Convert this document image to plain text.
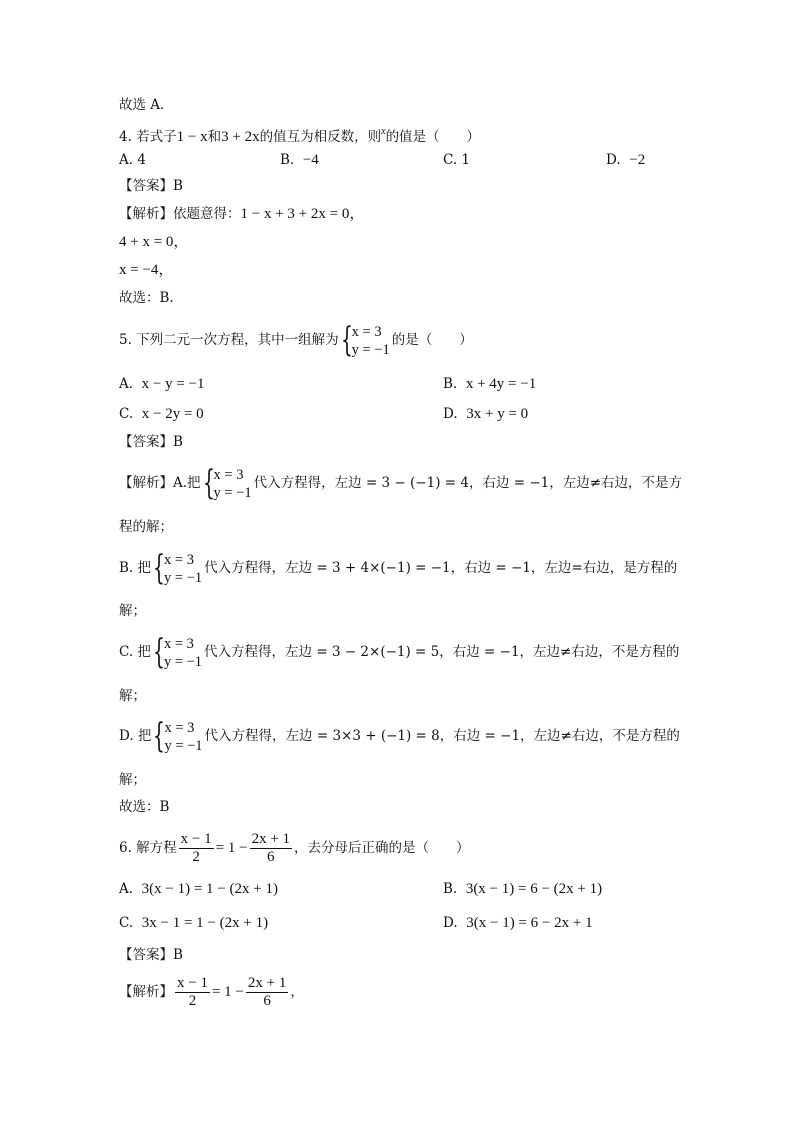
故选 A．
4. 若式子1 − x和3 + 2x的值互为相反数，则$^x$的值是（　　）
A. 4	B. −4	C. 1	D. −2
【答案】B
【解析】依题意得：1 − x + 3 + 2x = 0，
4 + x = 0，
x = −4，
故选：B.
5. 下列二元一次方程，其中一组解为 { x = 3
y = −1
的是（　　）
A. x − y = −1	B. x + 4y = −1
C. x − 2y = 0	D. 3x + y = 0
【答案】B
【解析】A.把 { x = 3
y = −1
代入方程得，左边 = 3 − (−1) = 4，右边 = −1，左边≠右边，不是方
程的解；
B. 把 { x = 3
y = −1
代入方程得，左边 = 3 + 4×(−1) = −1，右边 = −1，左边=右边，是方程的
解；
C. 把 { x = 3
y = −1
代入方程得，左边 = 3 − 2×(−1) = 5，右边 = −1，左边≠右边，不是方程的
解；
D. 把 { x = 3
y = −1
代入方程得，左边 = 3×3 + (−1) = 8，右边 = −1，左边≠右边，不是方程的
解；
故选：B
6. 解方程 $\frac{x - 1}{2} = 1 - \frac{2x + 1}{6}$ ，去分母后正确的是（　　）
A. 3(x − 1) = 1 − (2x + 1)	B. 3(x − 1) = 6 − (2x + 1)
C. 3x − 1 = 1 − (2x + 1)	D. 3(x − 1) = 6 − 2x + 1
【答案】B
【解析】 $\frac{x - 1}{2} = 1 - \frac{2x + 1}{6}$ ，
